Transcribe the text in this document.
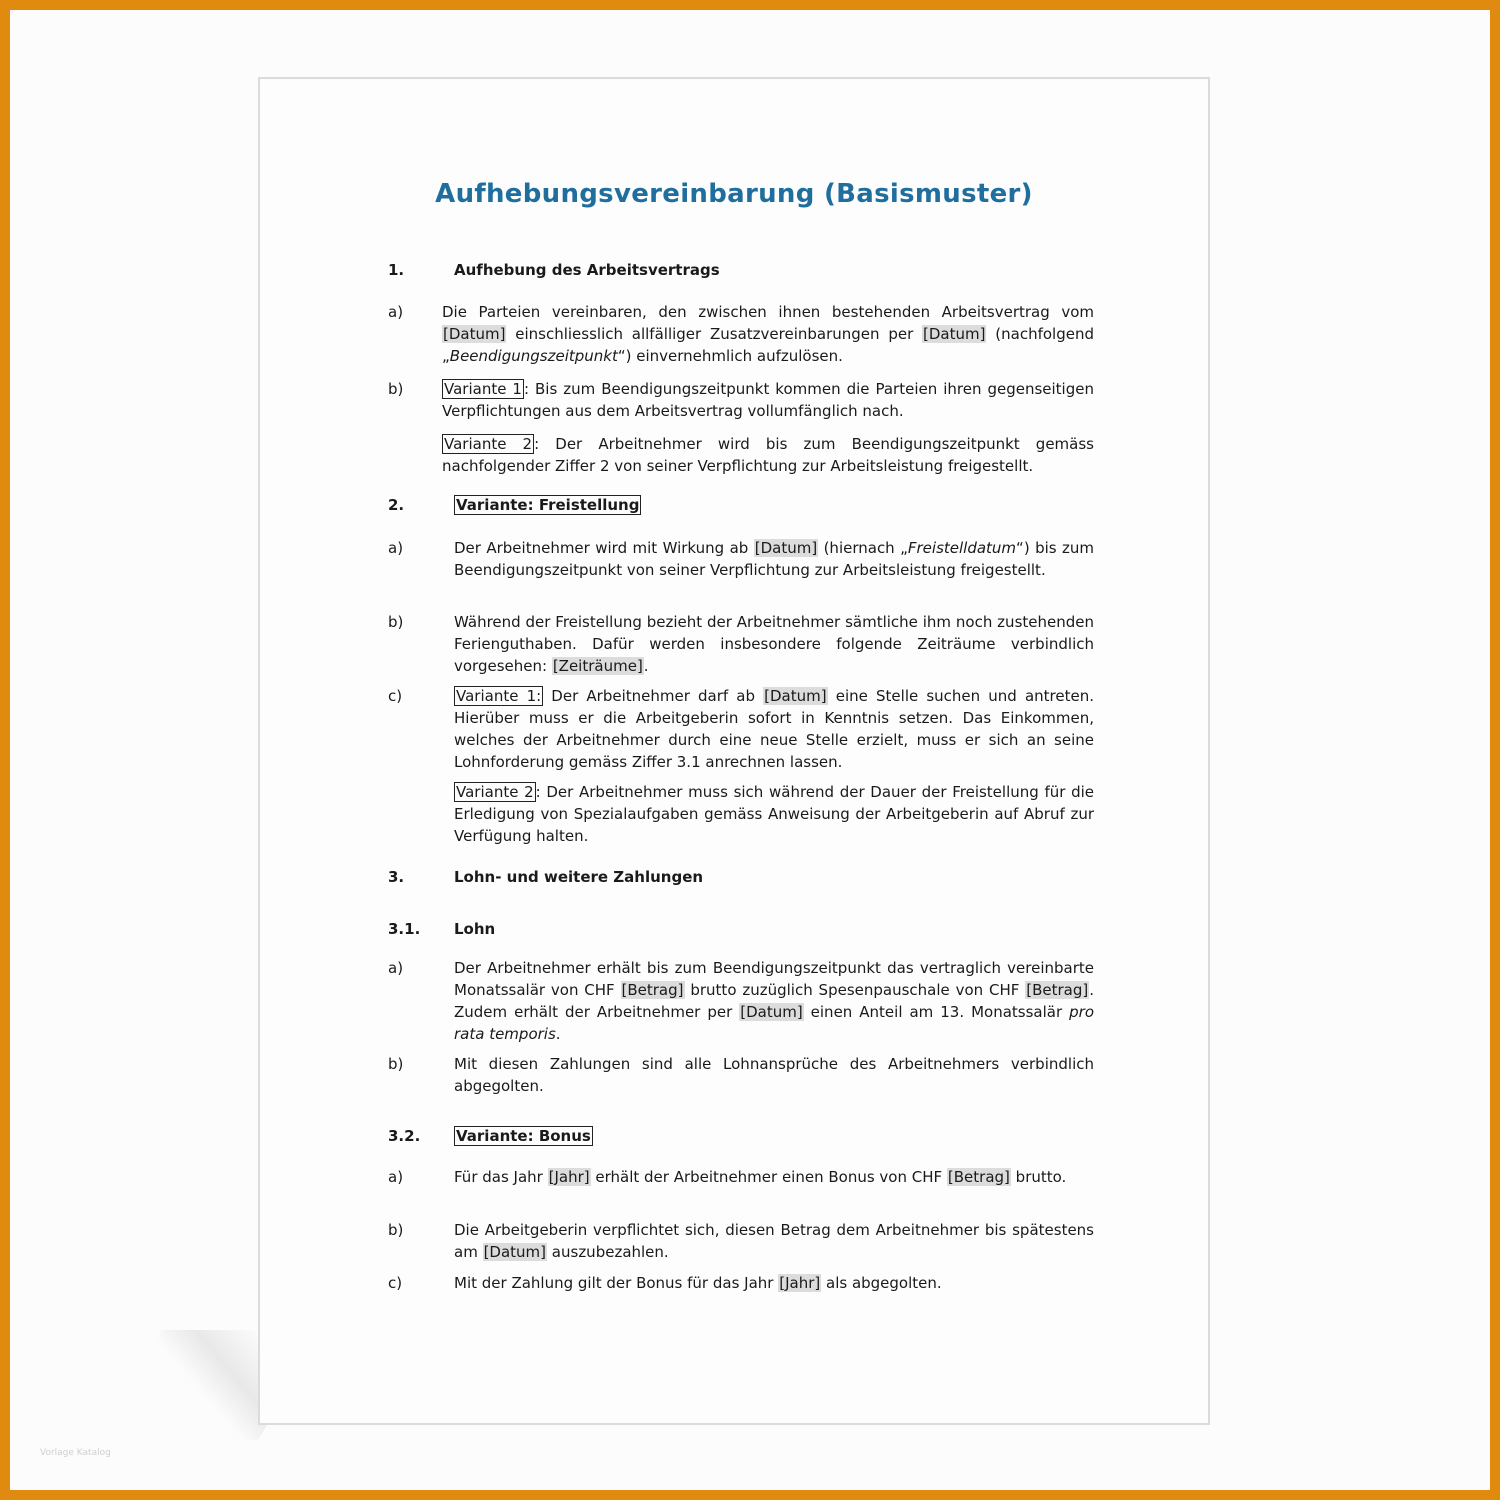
Vorlage Katalog
Aufhebungsvereinbarung (Basismuster)
1.	Aufhebung des Arbeitsvertrags
a)	Die Parteien vereinbaren, den zwischen ihnen bestehenden Arbeitsvertrag vom [Datum] einschliesslich allfälliger Zusatzvereinbarungen per [Datum] (nachfolgend „Beendigungszeitpunkt“) einvernehmlich aufzulösen.
b)	Variante 1 : Bis zum Beendigungszeitpunkt kommen die Parteien ihren gegenseitigen Verpflichtungen aus dem Arbeitsvertrag vollumfänglich nach.
Variante 2 : Der Arbeitnehmer wird bis zum Beendigungszeitpunkt gemäss nachfolgender Ziffer 2 von seiner Verpflichtung zur Arbeitsleistung freigestellt.
2.	Variante: Freistellung
a)	Der Arbeitnehmer wird mit Wirkung ab [Datum] (hiernach „Freistelldatum“) bis zum Beendigungszeitpunkt von seiner Verpflichtung zur Arbeitsleistung freigestellt.
b)	Während der Freistellung bezieht der Arbeitnehmer sämtliche ihm noch zustehenden Ferienguthaben. Dafür werden insbesondere folgende Zeiträume verbindlich vorgesehen: [Zeiträume].
c)	Variante 1: Der Arbeitnehmer darf ab [Datum] eine Stelle suchen und antreten. Hierüber muss er die Arbeitgeberin sofort in Kenntnis setzen. Das Einkommen, welches der Arbeitnehmer durch eine neue Stelle erzielt, muss er sich an seine Lohnforderung gemäss Ziffer 3.1 anrechnen lassen.
Variante 2 : Der Arbeitnehmer muss sich während der Dauer der Freistellung für die Erledigung von Spezialaufgaben gemäss Anweisung der Arbeitgeberin auf Abruf zur Verfügung halten.
3.	Lohn- und weitere Zahlungen
3.1. Lohn
a)	Der Arbeitnehmer erhält bis zum Beendigungszeitpunkt das vertraglich vereinbarte Monatssalär von CHF [Betrag] brutto zuzüglich Spesenpauschale von CHF [Betrag]. Zudem erhält der Arbeitnehmer per [Datum] einen Anteil am 13. Monatssalär pro rata temporis.
b)	Mit diesen Zahlungen sind alle Lohnansprüche des Arbeitnehmers verbindlich abgegolten.
3.2. Variante: Bonus
a)	Für das Jahr [Jahr] erhält der Arbeitnehmer einen Bonus von CHF [Betrag] brutto.
b)	Die Arbeitgeberin verpflichtet sich, diesen Betrag dem Arbeitnehmer bis spätestens am [Datum] auszubezahlen.
c)	Mit der Zahlung gilt der Bonus für das Jahr [Jahr] als abgegolten.
